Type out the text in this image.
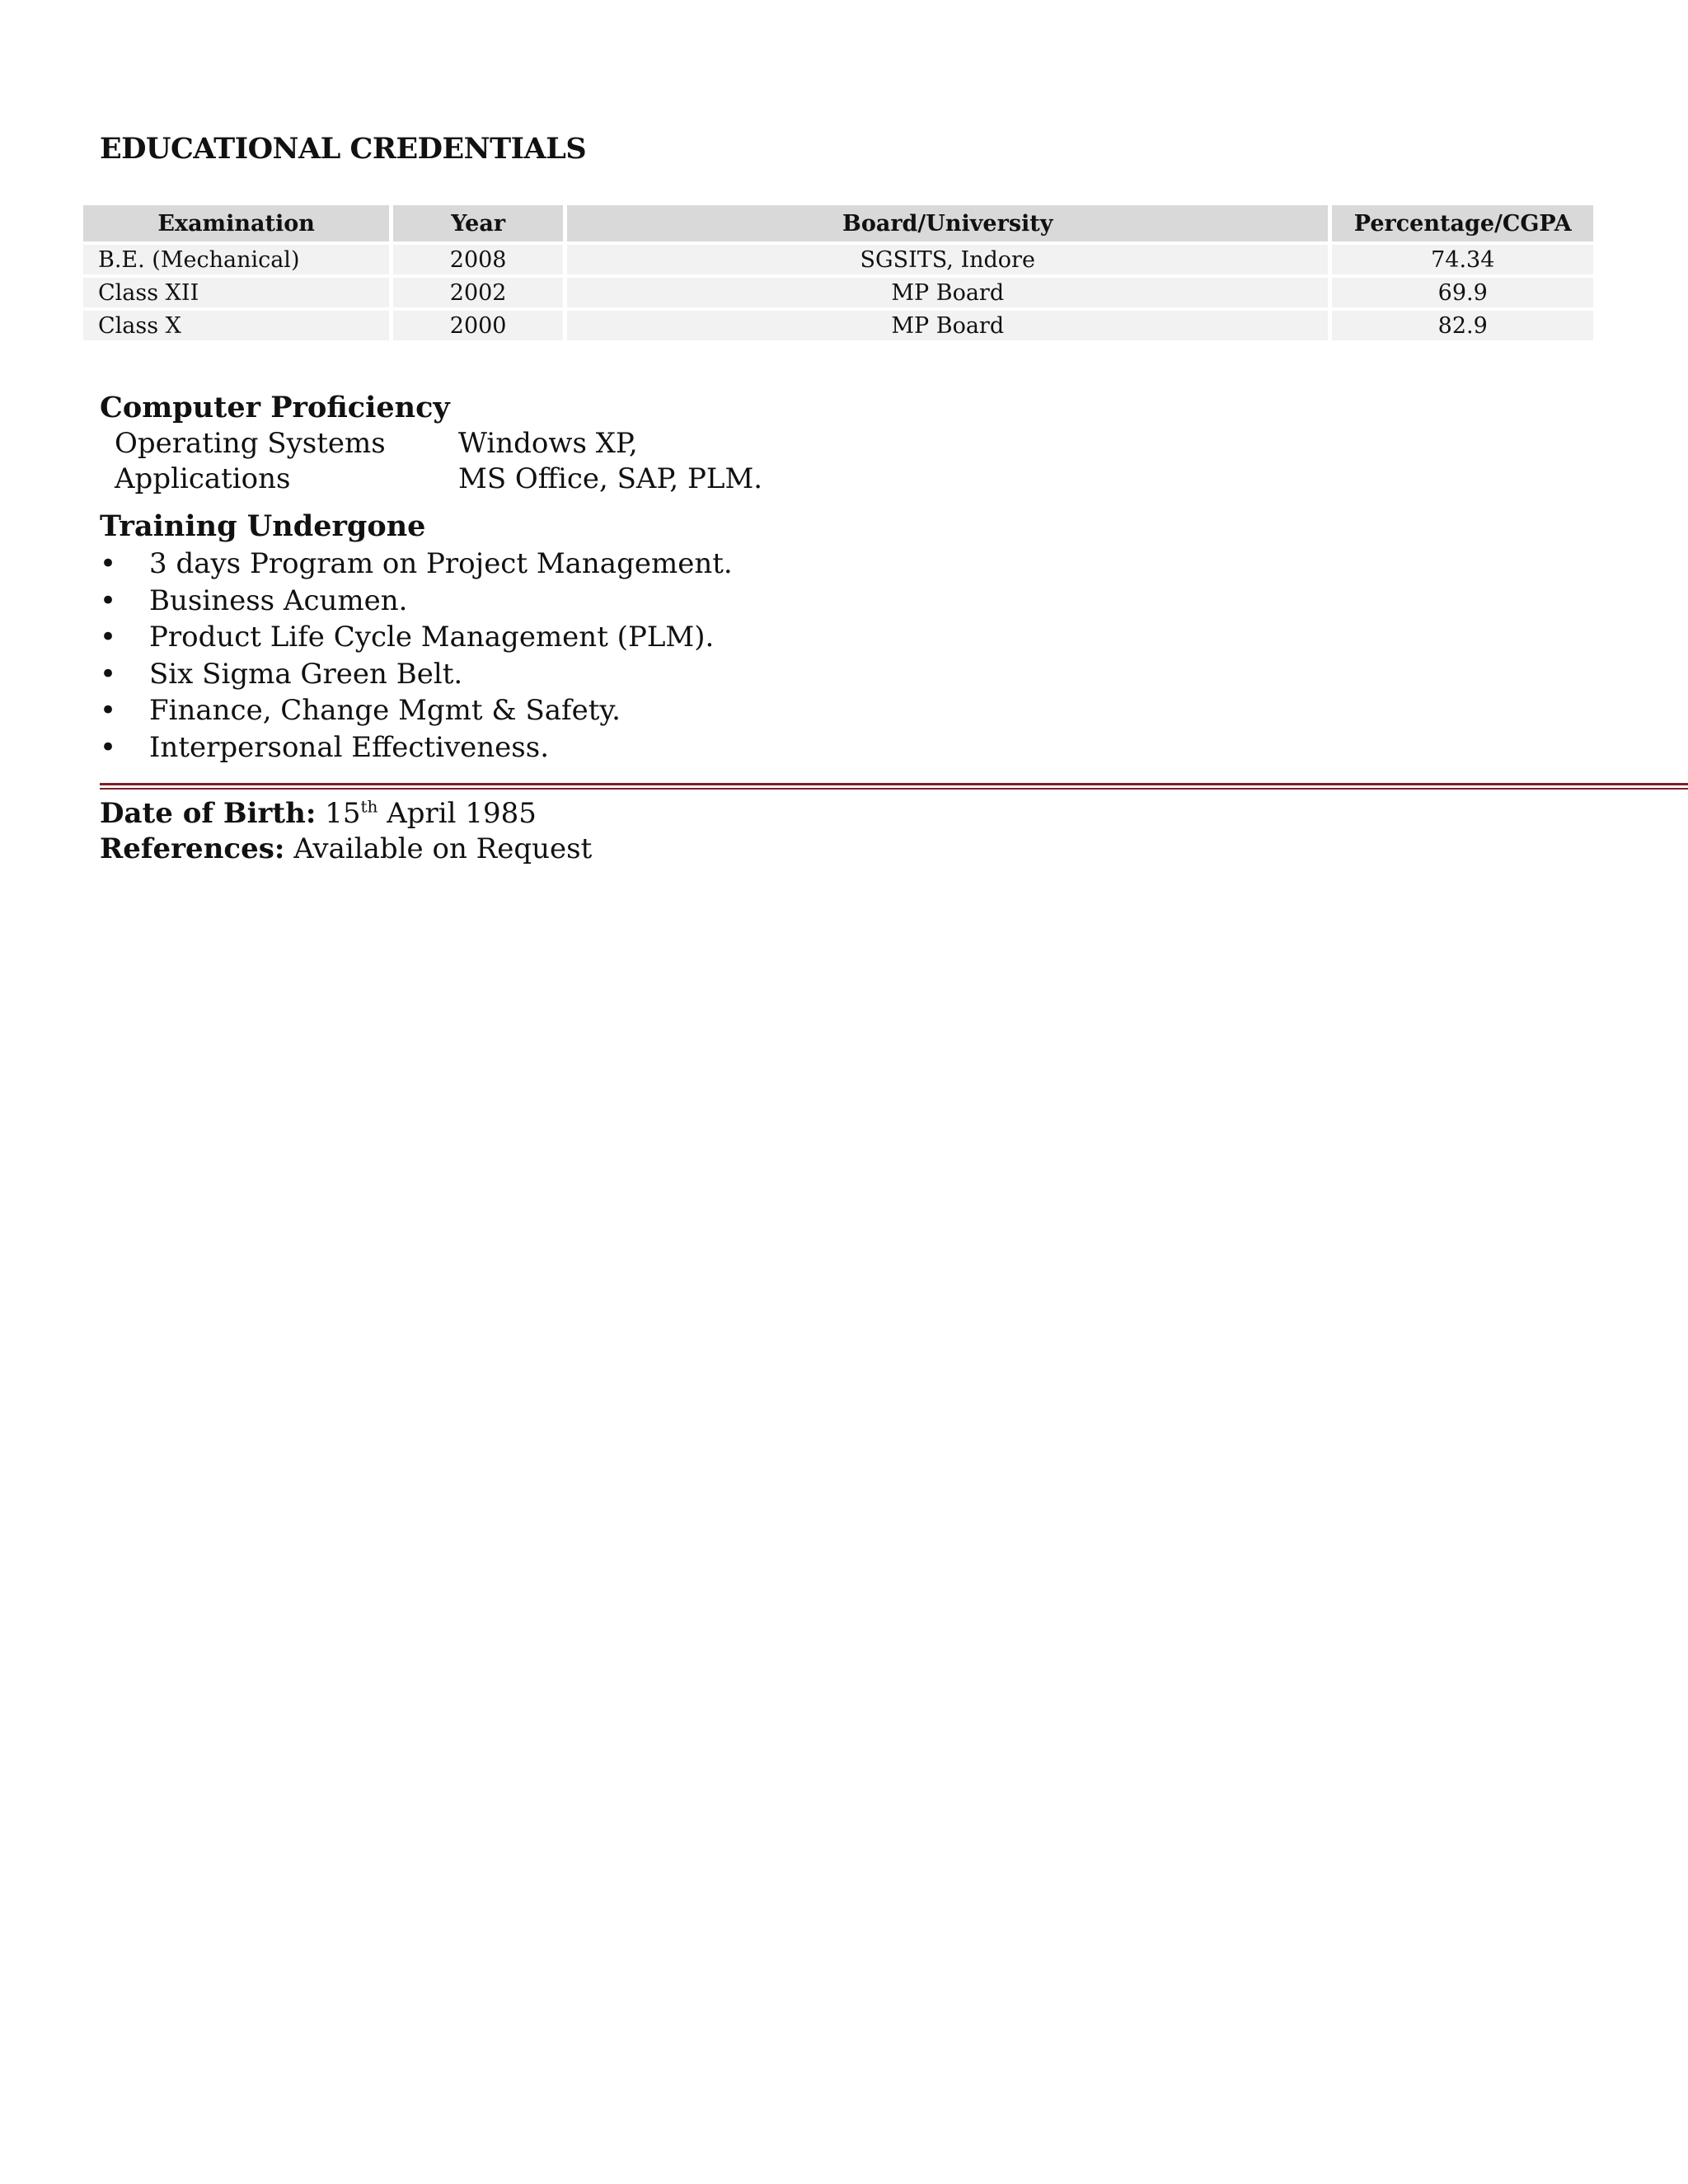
EDUCATIONAL CREDENTIALS
Examination	Year	Board/University	Percentage/CGPA
B.E. (Mechanical)	2008	SGSITS, Indore	74.34
Class XII	2002	MP Board	69.9
Class X	2000	MP Board	82.9
Computer Proficiency
Operating Systems	Windows XP,
Applications	MS Office, SAP, PLM.
Training Undergone
• 3 days Program on Project Management.
• Business Acumen.
• Product Life Cycle Management (PLM).
• Six Sigma Green Belt.
• Finance, Change Mgmt & Safety.
• Interpersonal Effectiveness.
Date of Birth: 15th April 1985
References: Available on Request
